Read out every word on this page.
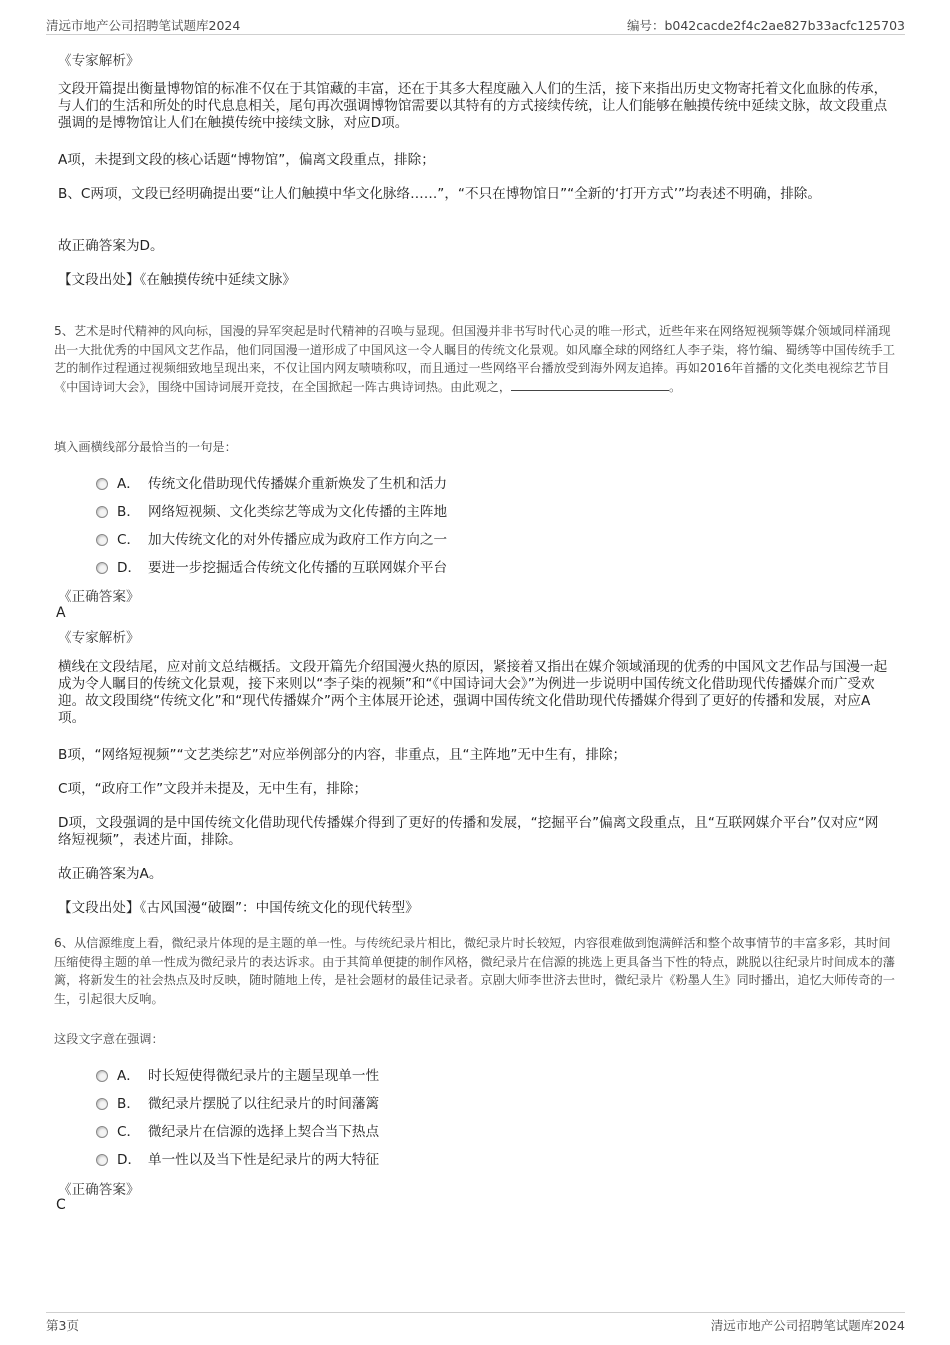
清远市地产公司招聘笔试题库2024	编号：b042cacde2f4c2ae827b33acfc125703
《专家解析》

文段开篇提出衡量博物馆的标准不仅在于其馆藏的丰富，还在于其多大程度融入人们的生活，接下来指出历史文物寄托着文化血脉的传承，与人们的生活和所处的时代息息相关，尾句再次强调博物馆需要以其特有的方式接续传统，让人们能够在触摸传统中延续文脉，故文段重点强调的是博物馆让人们在触摸传统中接续文脉，对应D项。

A项，未提到文段的核心话题“博物馆”，偏离文段重点，排除；

B、C两项，文段已经明确提出要“让人们触摸中华文化脉络……”，“不只在博物馆日”“全新的‘打开方式’”均表述不明确，排除。

故正确答案为D。

【文段出处】《在触摸传统中延续文脉》

5、艺术是时代精神的风向标，国漫的异军突起是时代精神的召唤与显现。但国漫并非书写时代心灵的唯一形式，近些年来在网络短视频等媒介领域同样涌现出一大批优秀的中国风文艺作品，他们同国漫一道形成了中国风这一令人瞩目的传统文化景观。如风靡全球的网络红人李子柒，将竹编、蜀绣等中国传统手工艺的制作过程通过视频细致地呈现出来，不仅让国内网友啧啧称叹，而且通过一些网络平台播放受到海外网友追捧。再如2016年首播的文化类电视综艺节目《中国诗词大会》，围绕中国诗词展开竞技，在全国掀起一阵古典诗词热。由此观之，	。

填入画横线部分最恰当的一句是：
A． 传统文化借助现代传播媒介重新焕发了生机和活力
B． 网络短视频、文化类综艺等成为文化传播的主阵地
C． 加大传统文化的对外传播应成为政府工作方向之一
D． 要进一步挖掘适合传统文化传播的互联网媒介平台
《正确答案》
A
《专家解析》

横线在文段结尾，应对前文总结概括。文段开篇先介绍国漫火热的原因，紧接着又指出在媒介领域涌现的优秀的中国风文艺作品与国漫一起成为令人瞩目的传统文化景观，接下来则以“李子柒的视频”和“《中国诗词大会》”为例进一步说明中国传统文化借助现代传播媒介而广受欢迎。故文段围绕“传统文化”和“现代传播媒介”两个主体展开论述，强调中国传统文化借助现代传播媒介得到了更好的传播和发展，对应A项。

B项，“网络短视频”“文艺类综艺”对应举例部分的内容，非重点，且“主阵地”无中生有，排除；

C项，“政府工作”文段并未提及，无中生有，排除；

D项，文段强调的是中国传统文化借助现代传播媒介得到了更好的传播和发展，“挖掘平台”偏离文段重点，且“互联网媒介平台”仅对应“网络短视频”，表述片面，排除。

故正确答案为A。

【文段出处】《古风国漫“破圈”：中国传统文化的现代转型》

6、从信源维度上看，微纪录片体现的是主题的单一性。与传统纪录片相比，微纪录片时长较短，内容很难做到饱满鲜活和整个故事情节的丰富多彩，其时间压缩使得主题的单一性成为微纪录片的表达诉求。由于其简单便捷的制作风格，微纪录片在信源的挑选上更具备当下性的特点，跳脱以往纪录片时间成本的藩篱，将新发生的社会热点及时反映，随时随地上传，是社会题材的最佳记录者。京剧大师李世济去世时，微纪录片《粉墨人生》同时播出，追忆大师传奇的一生，引起很大反响。

这段文字意在强调：
A． 时长短使得微纪录片的主题呈现单一性
B． 微纪录片摆脱了以往纪录片的时间藩篱
C． 微纪录片在信源的选择上契合当下热点
D． 单一性以及当下性是纪录片的两大特征
《正确答案》
C
第3页	清远市地产公司招聘笔试题库2024
